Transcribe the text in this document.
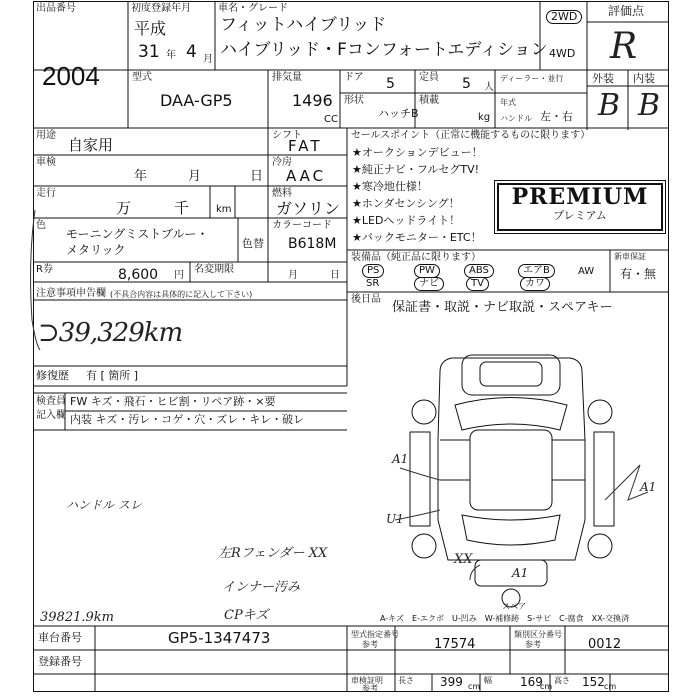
出品番号
2004
初度登録年月
平成
31 年 4 月
車名・グレード
フィットハイブリッド
ハイブリッド・Fコンフォートエディション
2WD
4WD
評価点
R
型式
DAA-GP5
排気量
1496
CC
ドア 5 定員 5 人
ディーラー・並行
形状
ハッチB
積載
kg
年式
ハンドル 左・右
外装 内装
B B
用途
自家用
シフト
FAT
車検
年	月	日
冷房
AAC
走行
万	千	km
燃料
ガソリン
色
モーニングミストブルー・
メタリック	色替
カラーコード
B618M
R券	8,600 円
名変期限
月	日
注意事項申告欄 (不具合内容は具体的に記入して下さい)
⊃39,329km
修復歴 有 [ 箇所 ]
セールスポイント（正常に機能するものに限ります）
★オークションデビュー！
★純正ナビ・フルセグTV!
★寒冷地仕様！
★ホンダセンシング！
★LEDヘッドライト！
★バックモニター・ETC！
PREMIUM
プレミアム
装備品（純正品に限ります）
PS	PW	ABS	エアB	AW
SR	ナビ	TV	カワ
新車保証
有・無
後日品
保証書・取説・ナビ取説・スペアキー
検査員
記入欄
FW キズ・飛石・ヒビ割・リペア跡・×要
内装 キズ・汚レ・コゲ・穴・ズレ・キレ・破レ
ハンドル スレ
左Rフェンダー XX
インナー汚み
CPキズ
39821.9km
A1
A1
U1
XX
A1
スペア
A-キズ　E-エクボ　U-凹み　W-補修跡　S-サビ　C-腐食　XX-交換済
車台番号	GP5-1347473
登録番号
型式指定番号
参考	17574
類別区分番号
参考	0012
車検証明
参考
長さ 399 cm
幅 169
cm
高さ 152 cm
